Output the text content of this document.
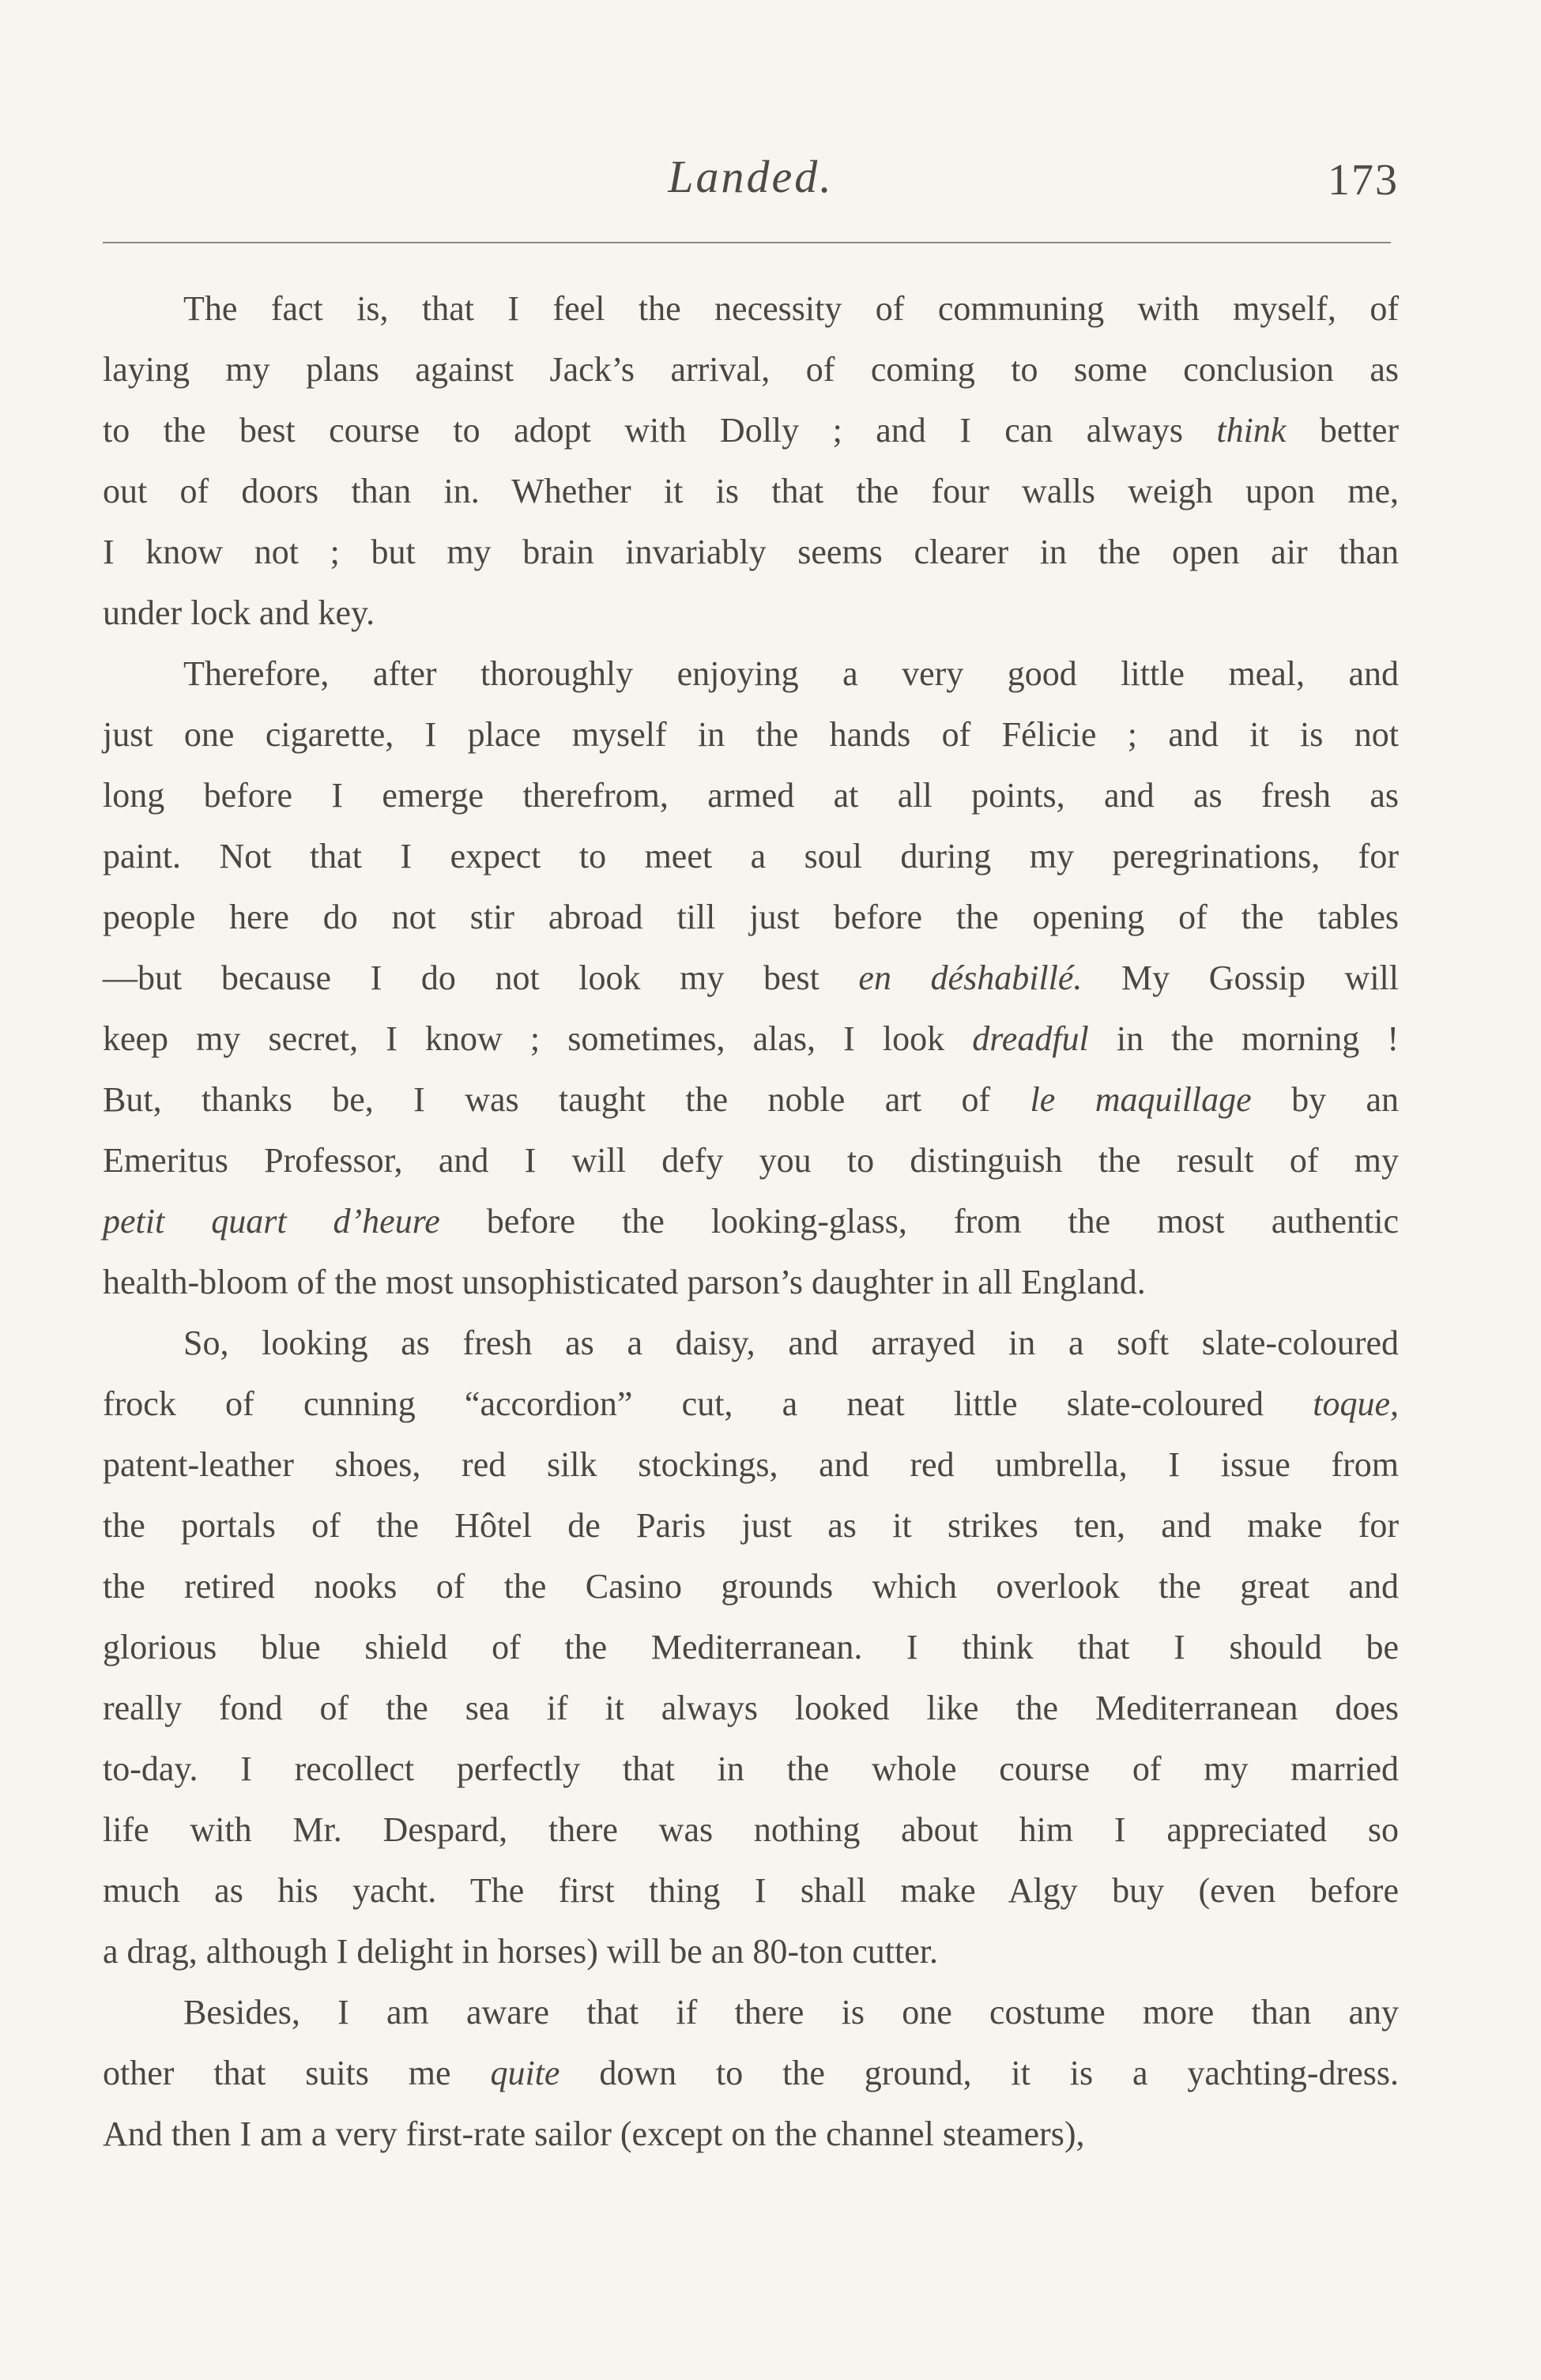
Landed.	173
The fact is, that I feel the necessity of communing with myself, of
laying my plans against Jack’s arrival, of coming to some conclusion as
to the best course to adopt with Dolly ; and I can always think better
out of doors than in. Whether it is that the four walls weigh upon me,
I know not ; but my brain invariably seems clearer in the open air than
under lock and key.
Therefore, after thoroughly enjoying a very good little meal, and
just one cigarette, I place myself in the hands of Félicie ; and it is not
long before I emerge therefrom, armed at all points, and as fresh as
paint. Not that I expect to meet a soul during my peregrinations, for
people here do not stir abroad till just before the opening of the tables
—but because I do not look my best en déshabillé. My Gossip will
keep my secret, I know ; sometimes, alas, I look dreadful in the morning !
But, thanks be, I was taught the noble art of le maquillage by an
Emeritus Professor, and I will defy you to distinguish the result of my
petit quart d’heure before the looking-glass, from the most authentic
health-bloom of the most unsophisticated parson’s daughter in all England.
So, looking as fresh as a daisy, and arrayed in a soft slate-coloured
frock of cunning “accordion” cut, a neat little slate-coloured toque,
patent-leather shoes, red silk stockings, and red umbrella, I issue from
the portals of the Hôtel de Paris just as it strikes ten, and make for
the retired nooks of the Casino grounds which overlook the great and
glorious blue shield of the Mediterranean. I think that I should be
really fond of the sea if it always looked like the Mediterranean does
to-day. I recollect perfectly that in the whole course of my married
life with Mr. Despard, there was nothing about him I appreciated so
much as his yacht. The first thing I shall make Algy buy (even before
a drag, although I delight in horses) will be an 80-ton cutter.
Besides, I am aware that if there is one costume more than any
other that suits me quite down to the ground, it is a yachting-dress.
And then I am a very first-rate sailor (except on the channel steamers),
